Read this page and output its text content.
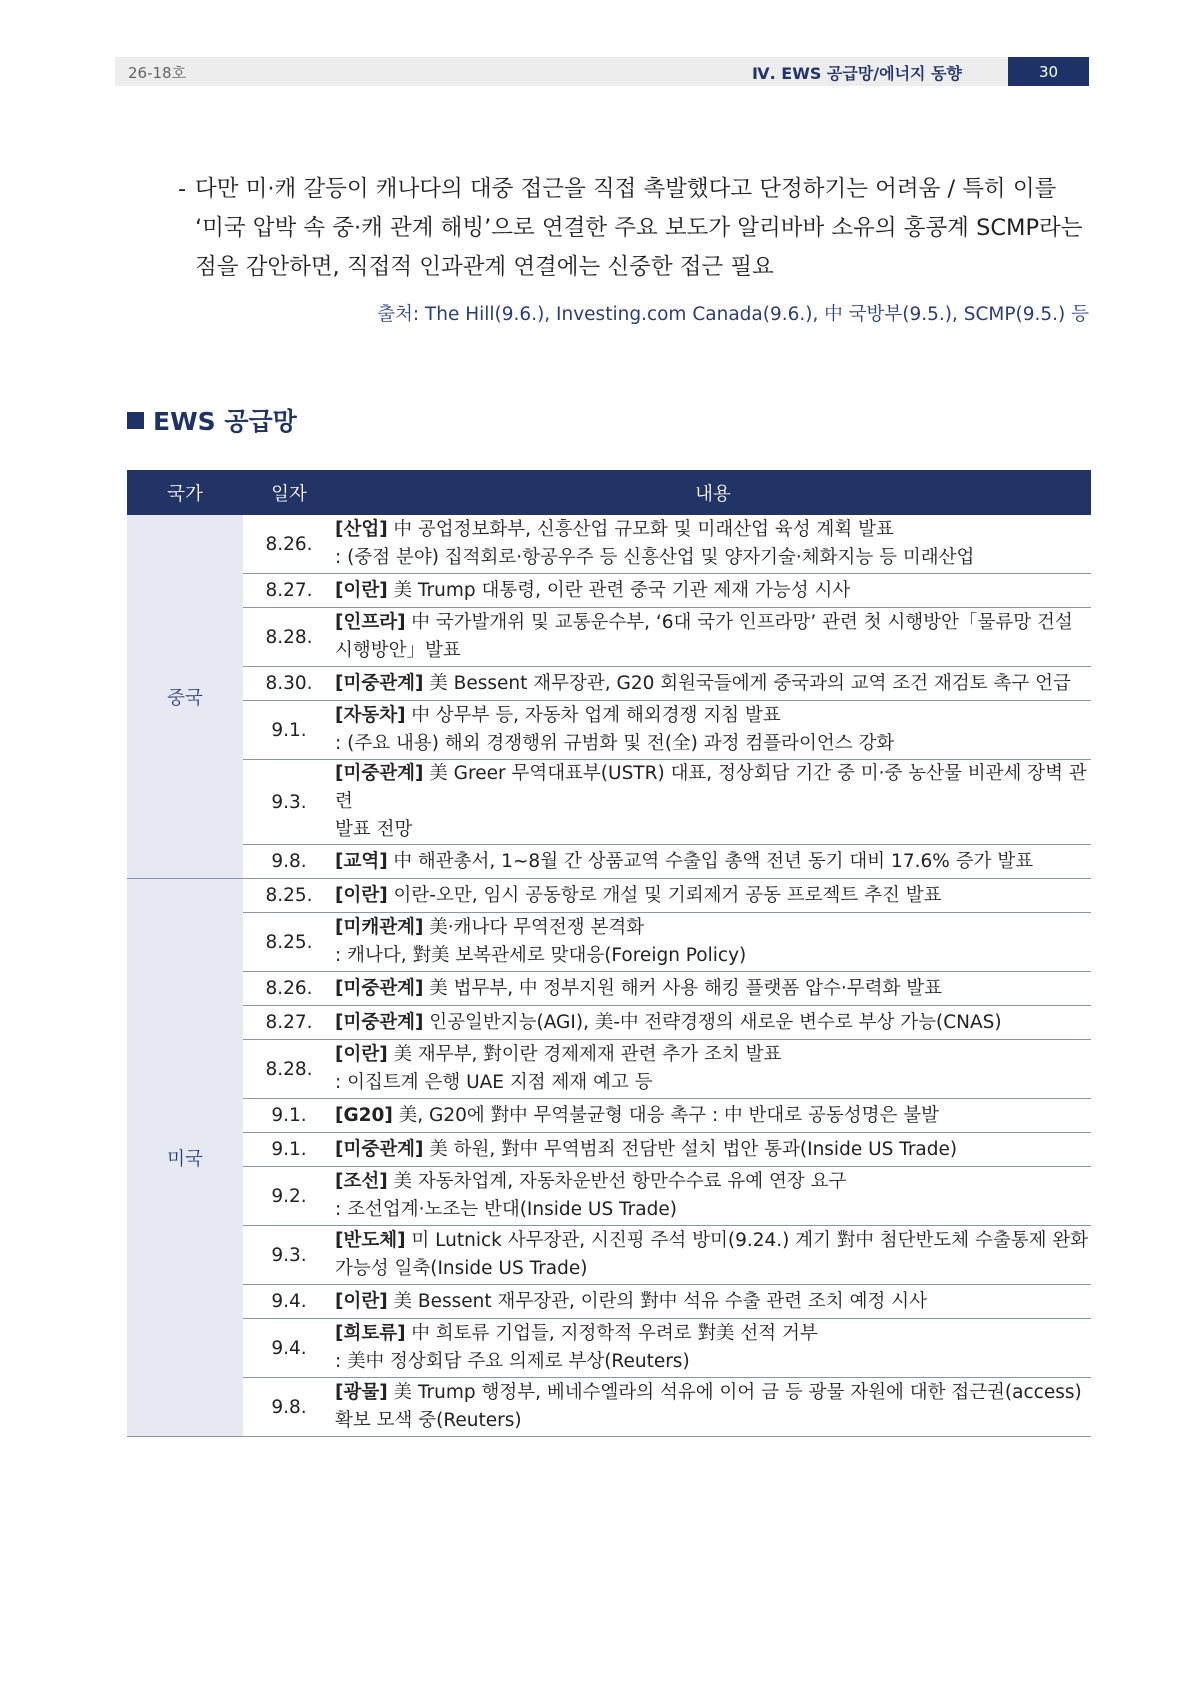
26-18호	Ⅳ. EWS 공급망/에너지 동향	30
- 다만 미·캐 갈등이 캐나다의 대중 접근을 직접 촉발했다고 단정하기는 어려움 / 특히 이를
‘미국 압박 속 중·캐 관계 해빙’으로 연결한 주요 보도가 알리바바 소유의 홍콩계 SCMP라는
점을 감안하면, 직접적 인과관계 연결에는 신중한 접근 필요
출처: The Hill(9.6.), Investing.com Canada(9.6.), 中 국방부(9.5.), SCMP(9.5.) 등
EWS 공급망
국가	일자	내용
중국	8.26.	[산업] 中 공업정보화부, 신흥산업 규모화 및 미래산업 육성 계획 발표
: (중점 분야) 집적회로·항공우주 등 신흥산업 및 양자기술·체화지능 등 미래산업

	8.27.	[이란] 美 Trump 대통령, 이란 관련 중국 기관 제재 가능성 시사

	8.28.	[인프라] 中 국가발개위 및 교통운수부, ‘6대 국가 인프라망’ 관련 첫 시행방안「물류망 건설
시행방안」발표

	8.30.	[미중관계] 美 Bessent 재무장관, G20 회원국들에게 중국과의 교역 조건 재검토 촉구 언급

	9.1.	[자동차] 中 상무부 등, 자동차 업계 해외경쟁 지침 발표
: (주요 내용) 해외 경쟁행위 규범화 및 전(全) 과정 컴플라이언스 강화

	9.3.	[미중관계] 美 Greer 무역대표부(USTR) 대표, 정상회담 기간 중 미·중 농산물 비관세 장벽 관련
발표 전망

	9.8.	[교역] 中 해관총서, 1~8월 간 상품교역 수출입 총액 전년 동기 대비 17.6% 증가 발표

미국	8.25.	[이란] 이란-오만, 임시 공동항로 개설 및 기뢰제거 공동 프로젝트 추진 발표

	8.25.	[미캐관계] 美·캐나다 무역전쟁 본격화
: 캐나다, 對美 보복관세로 맞대응(Foreign Policy)

	8.26.	[미중관계] 美 법무부, 中 정부지원 해커 사용 해킹 플랫폼 압수·무력화 발표

	8.27.	[미중관계] 인공일반지능(AGI), 美-中 전략경쟁의 새로운 변수로 부상 가능(CNAS)

	8.28.	[이란] 美 재무부, 對이란 경제제재 관련 추가 조치 발표
: 이집트계 은행 UAE 지점 제재 예고 등

	9.1.	[G20] 美, G20에 對中 무역불균형 대응 촉구 : 中 반대로 공동성명은 불발

	9.1.	[미중관계] 美 하원, 對中 무역범죄 전담반 설치 법안 통과(Inside US Trade)

	9.2.	[조선] 美 자동차업계, 자동차운반선 항만수수료 유예 연장 요구
: 조선업계·노조는 반대(Inside US Trade)

	9.3.	[반도체] 미 Lutnick 사무장관, 시진핑 주석 방미(9.24.) 계기 對中 첨단반도체 수출통제 완화
가능성 일축(Inside US Trade)

	9.4.	[이란] 美 Bessent 재무장관, 이란의 對中 석유 수출 관련 조치 예정 시사

	9.4.	[희토류] 中 희토류 기업들, 지정학적 우려로 對美 선적 거부
: 美中 정상회담 주요 의제로 부상(Reuters)

	9.8.	[광물] 美 Trump 행정부, 베네수엘라의 석유에 이어 금 등 광물 자원에 대한 접근권(access)
확보 모색 중(Reuters)
